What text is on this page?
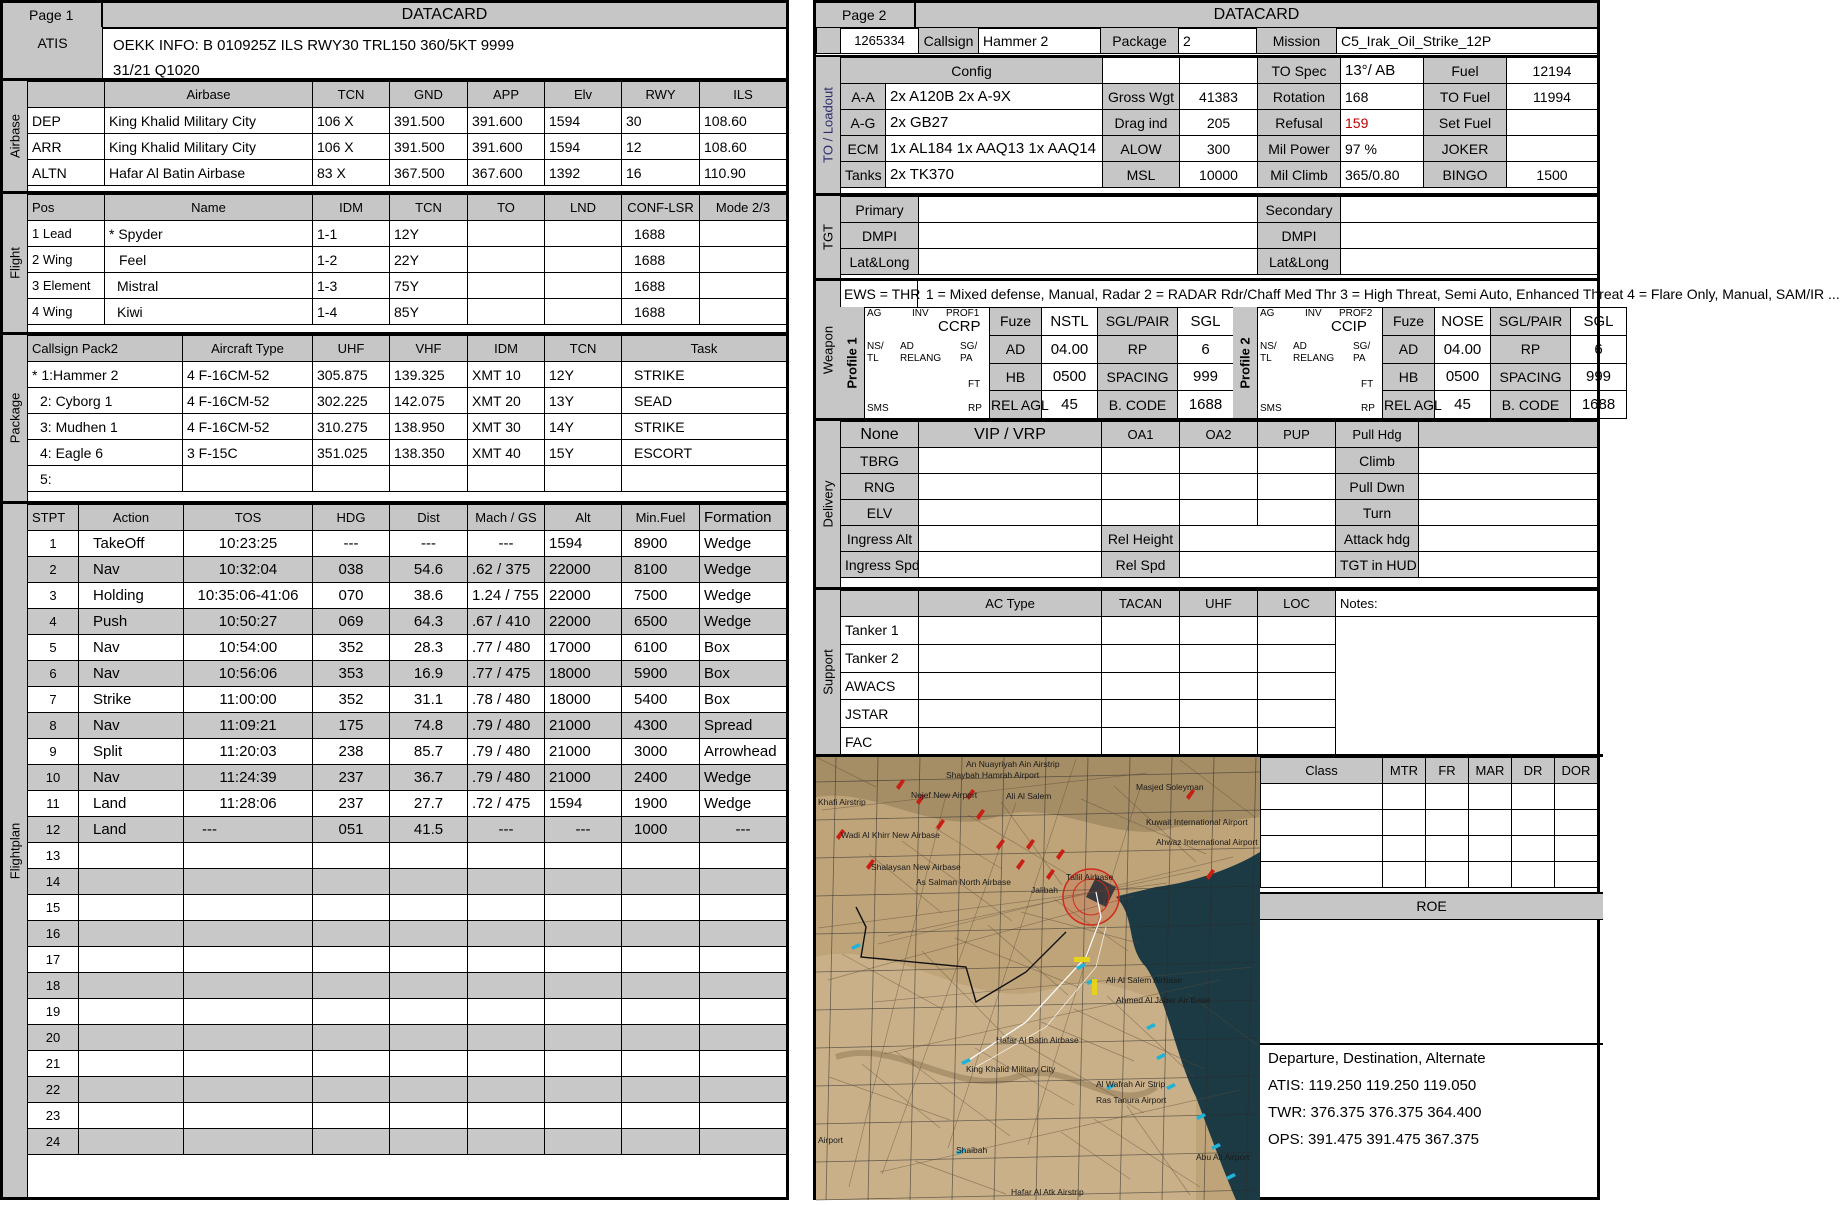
Page 1	DATACARD
ATIS	OEKK INFO: B 010925Z ILS RWY30 TRL150 360/5KT 9999
31/21 Q1020
Airbase
	Airbase	TCN	GND	APP	Elv	RWY	ILS
DEP	King Khalid Military City	106 X	391.500	391.600	1594	30	108.60
ARR	King Khalid Military City	106 X	391.500	391.600	1594	12	108.60
ALTN	Hafar Al Batin Airbase	83 X	367.500	367.600	1392	16	110.90
Flight
Pos	Name	IDM	TCN	TO	LND	CONF-LSR	Mode 2/3
1 Lead	* Spyder	1-1	12Y			1688	
2 Wing	Feel	1-2	22Y			1688	
3 Element	Mistral	1-3	75Y			1688	
4 Wing	Kiwi	1-4	85Y			1688	
Package
Callsign Pack2	Aircraft Type	UHF	VHF	IDM	TCN	Task
* 1:Hammer 2	4 F-16CM-52	305.875	139.325	XMT 10	12Y	STRIKE
2: Cyborg 1	4 F-16CM-52	302.225	142.075	XMT 20	13Y	SEAD
3: Mudhen 1	4 F-16CM-52	310.275	138.950	XMT 30	14Y	STRIKE
4: Eagle 6	3 F-15C	351.025	138.350	XMT 40	15Y	ESCORT
5:						
Flightplan
STPT	Action	TOS	HDG	Dist	Mach / GS	Alt	Min.Fuel	Formation
1	TakeOff	10:23:25	---	---	---	1594	8900	Wedge
2	Nav	10:32:04	038	54.6	.62 / 375	22000	8100	Wedge
3	Holding	10:35:06-41:06	070	38.6	1.24 / 755	22000	7500	Wedge
4	Push	10:50:27	069	64.3	.67 / 410	22000	6500	Wedge
5	Nav	10:54:00	352	28.3	.77 / 480	17000	6100	Box
6	Nav	10:56:06	353	16.9	.77 / 475	18000	5900	Box
7	Strike	11:00:00	352	31.1	.78 / 480	18000	5400	Box
8	Nav	11:09:21	175	74.8	.79 / 480	21000	4300	Spread
9	Split	11:20:03	238	85.7	.79 / 480	21000	3000	Arrowhead
10	Nav	11:24:39	237	36.7	.79 / 480	21000	2400	Wedge
11	Land	11:28:06	237	27.7	.72 / 475	1594	1900	Wedge
12	Land	---	051	41.5	---	---	1000	---
13								
14								
15								
16								
17								
18								
19								
20								
21								
22								
23								
24								
Page 2	DATACARD
	1265334	Callsign	Hammer 2	Package	2	Mission	C5_Irak_Oil_Strike_12P
TO / Loadout
Config				TO Spec	13°/ AB	Fuel	12194
A-A	2x A120B 2x A-9X	Gross Wgt	41383	Rotation	168	TO Fuel	11994
A-G	2x GB27	Drag ind	205	Refusal	159	Set Fuel	
ECM	1x AL184 1x AAQ13 1x AAQ14	ALOW	300	Mil Power	97 %	JOKER	
Tanks	2x TK370	MSL	10000	Mil Climb	365/0.80	BINGO	1500
TGT
Primary		Secondary	
DMPI		DMPI	
Lat&Long		Lat&Long	
Weapon
EWS = THR 1 = Mixed defense, Manual, Radar 2 = RADAR Rdr/Chaff Med Thr 3 = High Threat, Semi Auto, Enhanced Threat 4 = Flare Only, Manual, SAM/IR ...
Profile 1
AG	INV PROF1
CCRP
NS/ TL
AD
RELANG
SG/ PA
FT
SMS	RP
Fuze	NSTL	SGL/PAIR	SGL
AD	04.00	RP	6
HB	0500	SPACING	999
REL AGL	45	B. CODE	1688
Profile 2
AG	INV PROF2
CCIP
NS/ TL
AD
RELANG
SG/ PA
FT
SMS	RP
Fuze	NOSE	SGL/PAIR	SGL
AD	04.00	RP	6
HB	0500	SPACING	999
REL AGL	45	B. CODE	1688
Delivery
None	VIP / VRP	OA1	OA2	PUP	Pull Hdg	
TBRG					Climb	
RNG					Pull Dwn	
ELV					Turn	
Ingress Alt		Rel Height			Attack hdg	
Ingress Spd		Rel Spd			TGT in HUD	
Support
	AC Type	TACAN	UHF	LOC	Notes:
Tanker 1					
Tanker 2					
AWACS					
JSTAR					
FAC					
An Nuayriyah Ain Airstrip
Shaybah Hamrah Airport
Nejef New Airport	Ali Al Salem
Kuwait International Airport
Masjed Soleyman
Khafi Airstrip
Wadi Al Khirr New Airbase
Shalaysan New Airbase
As Salman North Airbase
Jalibah
Ahwaz International Airport
Tallil Airbase
Ali Al Salem Airbase
Ahmed Al Jaber Air Base
Hafar Al Batin Airbase
King Khalid Military City
Al Wafrah Air Strip
Airport
Shaibah
Hafar Al Atk Airstrip
Abu Ali Airport
Ras Tanura Airport
Class	MTR	FR	MAR	DR	DOR

ROE
Departure, Destination, Alternate
ATIS: 119.250 119.250 119.050
TWR: 376.375 376.375 364.400
OPS: 391.475 391.475 367.375
